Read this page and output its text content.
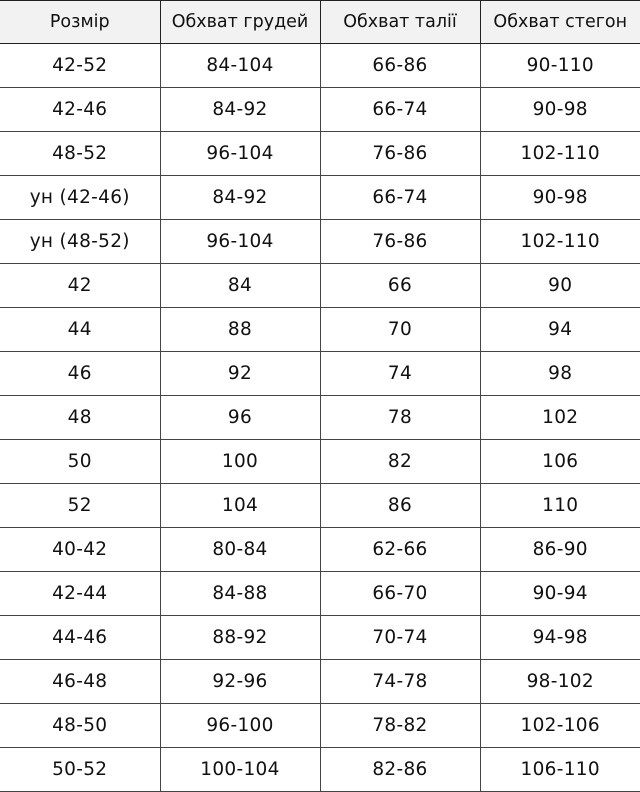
Розмір	Обхват грудей	Обхват талії	Обхват стегон
42-52	84-104	66-86	90-110
42-46	84-92	66-74	90-98
48-52	96-104	76-86	102-110
ун (42-46)	84-92	66-74	90-98
ун (48-52)	96-104	76-86	102-110
42	84	66	90
44	88	70	94
46	92	74	98
48	96	78	102
50	100	82	106
52	104	86	110
40-42	80-84	62-66	86-90
42-44	84-88	66-70	90-94
44-46	88-92	70-74	94-98
46-48	92-96	74-78	98-102
48-50	96-100	78-82	102-106
50-52	100-104	82-86	106-110
